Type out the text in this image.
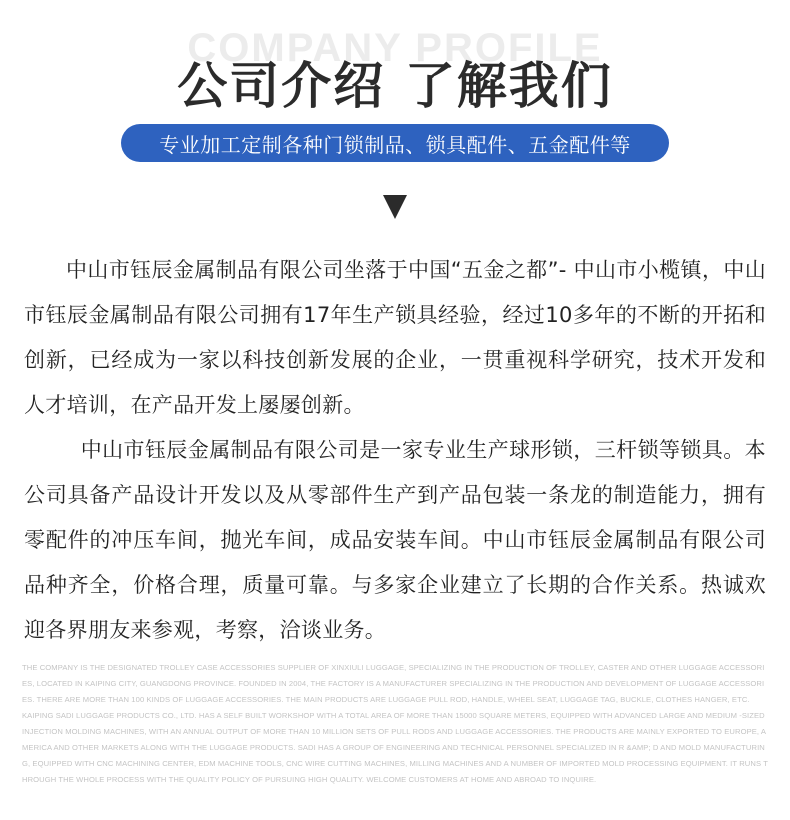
COMPANY PROFILE
公司介绍 了解我们
专业加工定制各种门锁制品、锁具配件、五金配件等

中山市钰辰金属制品有限公司坐落于中国“五金之都”- 中山市小榄镇，中山市钰辰金属制品有限公司拥有17年生产锁具经验，经过10多年的不断的开拓和创新，已经成为一家以科技创新发展的企业，一贯重视科学研究，技术开发和人才培训，在产品开发上屡屡创新。

中山市钰辰金属制品有限公司是一家专业生产球形锁，三杆锁等锁具。本公司具备产品设计开发以及从零部件生产到产品包装一条龙的制造能力，拥有零配件的冲压车间，抛光车间，成品安装车间。中山市钰辰金属制品有限公司品种齐全，价格合理，质量可靠。与多家企业建立了长期的合作关系。热诚欢迎各界朋友来参观，考察，洽谈业务。

THE COMPANY IS THE DESIGNATED TROLLEY CASE ACCESSORIES SUPPLIER OF XINXIULI LUGGAGE, SPECIALIZING IN THE PRODUCTION OF TROLLEY, CASTER AND OTHER LUGGAGE ACCESSORIES, LOCATED IN KAIPING CITY, GUANGDONG PROVINCE. FOUNDED IN 2004, THE FACTORY IS A MANUFACTURER SPECIALIZING IN THE PRODUCTION AND DEVELOPMENT OF LUGGAGE ACCESSORIES. THERE ARE MORE THAN 100 KINDS OF LUGGAGE ACCESSORIES. THE MAIN PRODUCTS ARE LUGGAGE PULL ROD, HANDLE, WHEEL SEAT, LUGGAGE TAG, BUCKLE, CLOTHES HANGER, ETC.

KAIPING SADI LUGGAGE PRODUCTS CO., LTD. HAS A SELF BUILT WORKSHOP WITH A TOTAL AREA OF MORE THAN 15000 SQUARE METERS, EQUIPPED WITH ADVANCED LARGE AND MEDIUM -SIZED INJECTION MOLDING MACHINES, WITH AN ANNUAL OUTPUT OF MORE THAN 10 MILLION SETS OF PULL RODS AND LUGGAGE ACCESSORIES. THE PRODUCTS ARE MAINLY EXPORTED TO EUROPE, AMERICA AND OTHER MARKETS ALONG WITH THE LUGGAGE PRODUCTS. SADI HAS A GROUP OF ENGINEERING AND TECHNICAL PERSONNEL SPECIALIZED IN R &AMP; D AND MOLD MANUFACTURING, EQUIPPED WITH CNC MACHINING CENTER, EDM MACHINE TOOLS, CNC WIRE CUTTING MACHINES, MILLING MACHINES AND A NUMBER OF IMPORTED MOLD PROCESSING EQUIPMENT. IT RUNS THROUGH THE WHOLE PROCESS WITH THE QUALITY POLICY OF PURSUING HIGH QUALITY. WELCOME CUSTOMERS AT HOME AND ABROAD TO INQUIRE.
